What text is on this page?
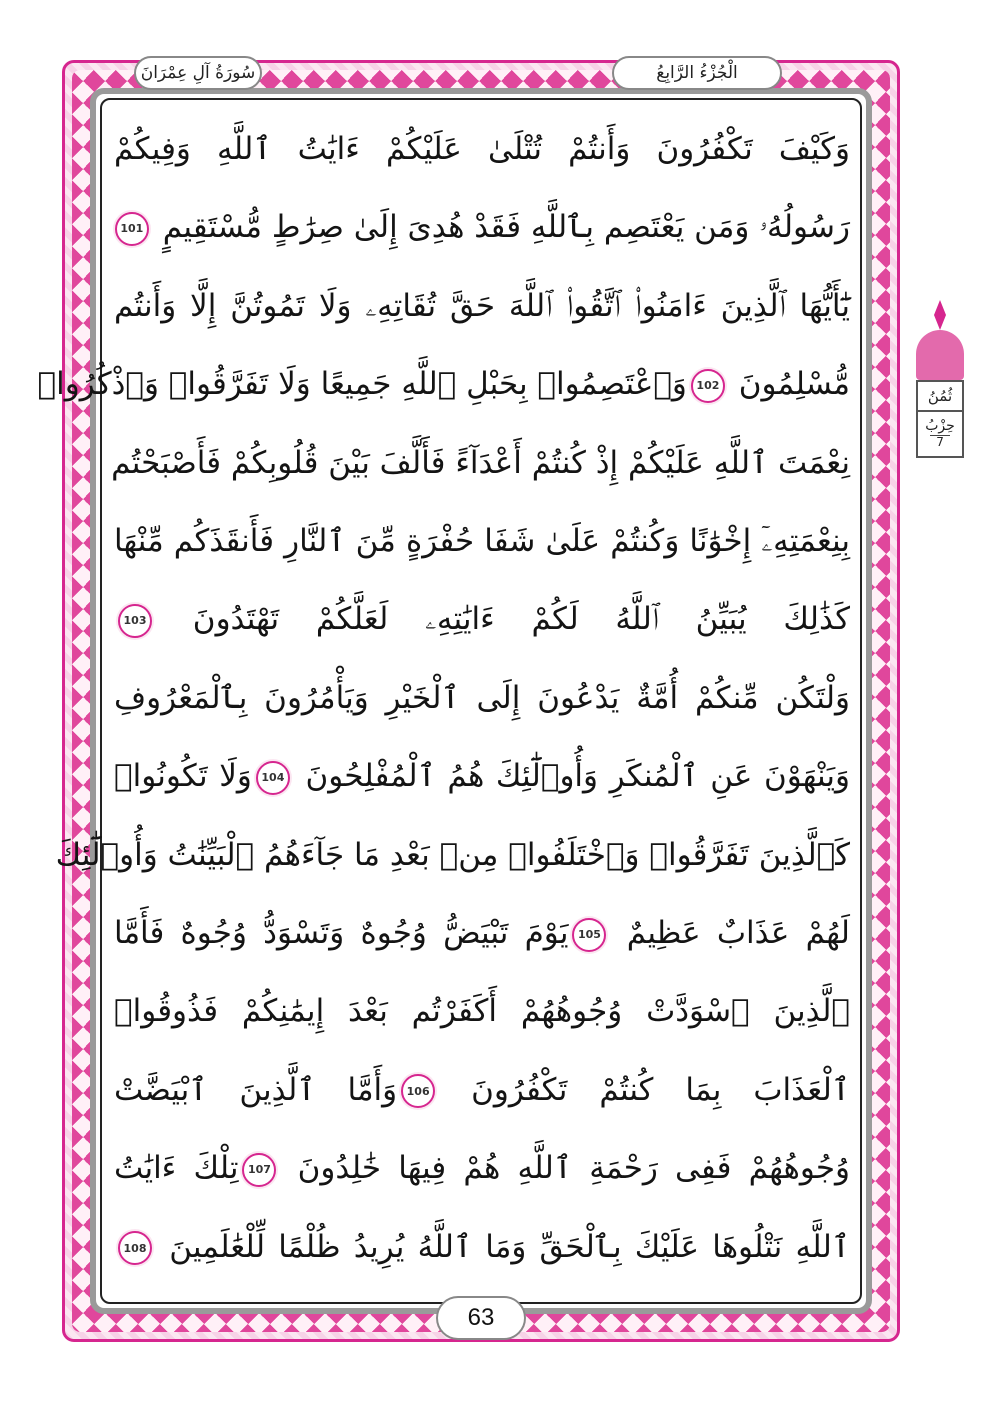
الْجُزْءُ الرَّابِعُ
سُورَةُ آلِ عِمْرَانَ
وَكَيْفَ تَكْفُرُونَ وَأَنتُمْ تُتْلَىٰ عَلَيْكُمْ ءَايَٰتُ ٱللَّهِ وَفِيكُمْ
رَسُولُهُۥ وَمَن يَعْتَصِم بِٱللَّهِ فَقَدْ هُدِىَ إِلَىٰ صِرَٰطٍ مُّسْتَقِيمٍ 101
يَٰٓأَيُّهَا ٱلَّذِينَ ءَامَنُوا۟ ٱتَّقُوا۟ ٱللَّهَ حَقَّ تُقَاتِهِۦ وَلَا تَمُوتُنَّ إِلَّا وَأَنتُم
مُّسْلِمُونَ 102وَٱعْتَصِمُوا۟ بِحَبْلِ ٱللَّهِ جَمِيعًا وَلَا تَفَرَّقُوا۟ وَٱذْكُرُوا۟
نِعْمَتَ ٱللَّهِ عَلَيْكُمْ إِذْ كُنتُمْ أَعْدَآءً فَأَلَّفَ بَيْنَ قُلُوبِكُمْ فَأَصْبَحْتُم
بِنِعْمَتِهِۦٓ إِخْوَٰنًا وَكُنتُمْ عَلَىٰ شَفَا حُفْرَةٍ مِّنَ ٱلنَّارِ فَأَنقَذَكُم مِّنْهَا
كَذَٰلِكَ يُبَيِّنُ ٱللَّهُ لَكُمْ ءَايَٰتِهِۦ لَعَلَّكُمْ تَهْتَدُونَ 103
وَلْتَكُن مِّنكُمْ أُمَّةٌ يَدْعُونَ إِلَى ٱلْخَيْرِ وَيَأْمُرُونَ بِٱلْمَعْرُوفِ
وَيَنْهَوْنَ عَنِ ٱلْمُنكَرِ وَأُو۟لَٰٓئِكَ هُمُ ٱلْمُفْلِحُونَ 104وَلَا تَكُونُوا۟
كَٱلَّذِينَ تَفَرَّقُوا۟ وَٱخْتَلَفُوا۟ مِنۢ بَعْدِ مَا جَآءَهُمُ ٱلْبَيِّنَٰتُ وَأُو۟لَٰٓئِكَ
لَهُمْ عَذَابٌ عَظِيمٌ 105يَوْمَ تَبْيَضُّ وُجُوهٌ وَتَسْوَدُّ وُجُوهٌ فَأَمَّا
ٱلَّذِينَ ٱسْوَدَّتْ وُجُوهُهُمْ أَكَفَرْتُم بَعْدَ إِيمَٰنِكُمْ فَذُوقُوا۟
ٱلْعَذَابَ بِمَا كُنتُمْ تَكْفُرُونَ 106وَأَمَّا ٱلَّذِينَ ٱبْيَضَّتْ
وُجُوهُهُمْ فَفِى رَحْمَةِ ٱللَّهِ هُمْ فِيهَا خَٰلِدُونَ 107تِلْكَ ءَايَٰتُ
ٱللَّهِ نَتْلُوهَا عَلَيْكَ بِٱلْحَقِّ وَمَا ٱللَّهُ يُرِيدُ ظُلْمًا لِّلْعَٰلَمِينَ 108
ثُمُنُ
حِزْبُ
7
63
